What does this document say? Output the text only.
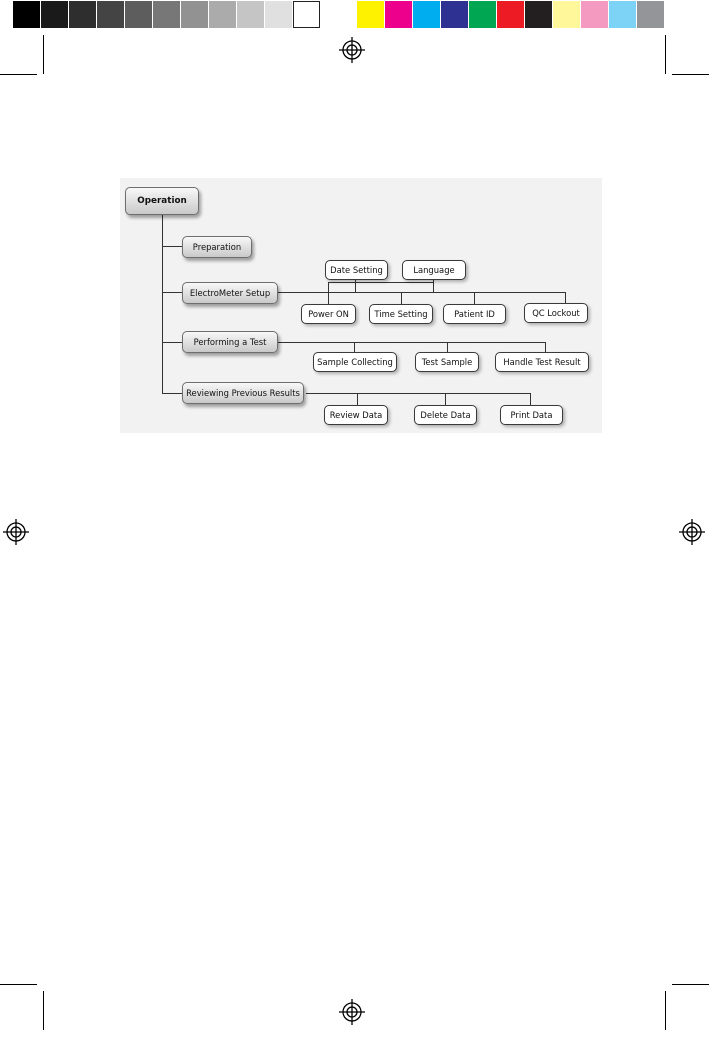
Operation
Preparation
ElectroMeter Setup
Performing a Test
Reviewing Previous Results
Date Setting	Language
Power ON	Time Setting	Patient ID	QC Lockout
Sample Collecting	Test Sample	Handle Test Result
Review Data	Delete Data	Print Data
